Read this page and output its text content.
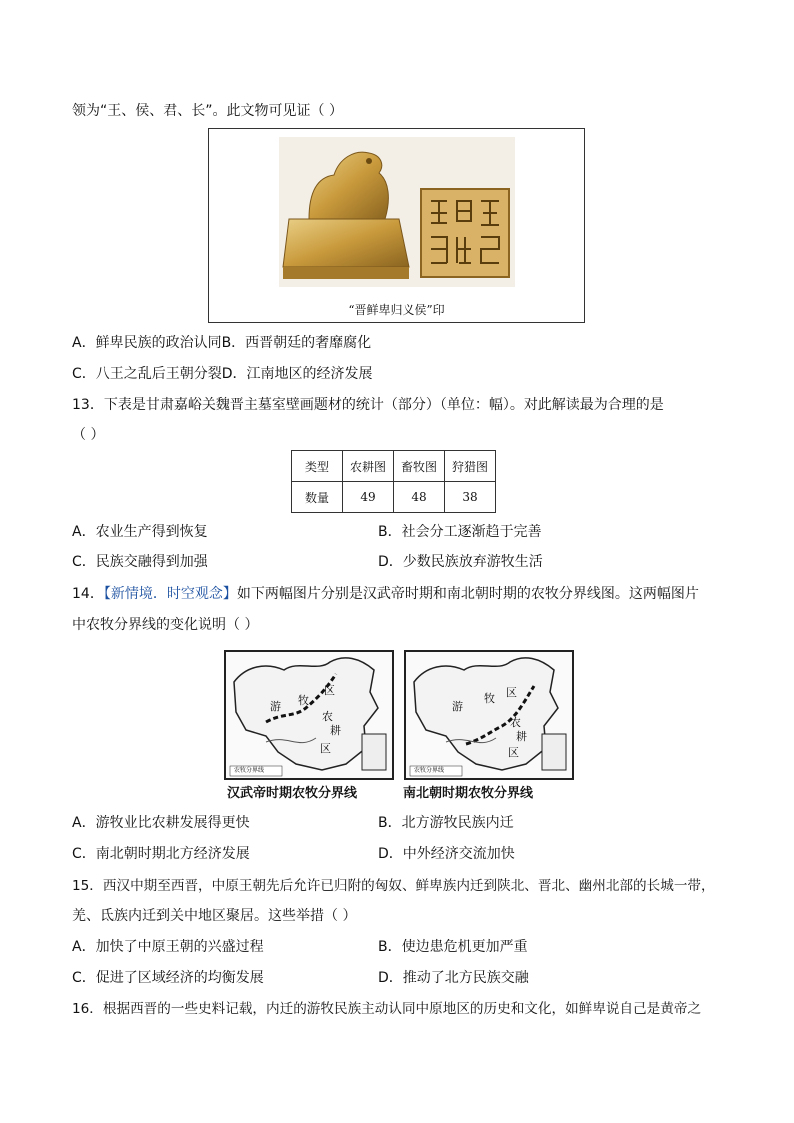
领为“王、侯、君、长”。此文物可见证（ ）
“晋鲜卑归义侯”印
A．鲜卑民族的政治认同B．西晋朝廷的奢靡腐化
C．八王之乱后王朝分裂D．江南地区的经济发展
13．下表是甘肃嘉峪关魏晋主墓室壁画题材的统计（部分）（单位：幅）。对此解读最为合理的是
（ ）
类型	农耕图	畜牧图	狩猎图
数量	49	48	38
A．农业生产得到恢复	B．社会分工逐渐趋于完善
C．民族交融得到加强	D．少数民族放弃游牧生活
14．【新情境．时空观念】如下两幅图片分别是汉武帝时期和南北朝时期的农牧分界线图。这两幅图片
中农牧分界线的变化说明（ ）
游 牧
区
农
耕
区
农牧分界线
汉武帝时期农牧分界线
游
牧 区
农
耕
区
农牧分界线
南北朝时期农牧分界线
A．游牧业比农耕发展得更快	B．北方游牧民族内迁
C．南北朝时期北方经济发展	D．中外经济交流加快
15．西汉中期至西晋，中原王朝先后允许已归附的匈奴、鲜卑族内迁到陕北、晋北、幽州北部的长城一带，
羌、氐族内迁到关中地区聚居。这些举措（ ）
A．加快了中原王朝的兴盛过程	B．使边患危机更加严重
C．促进了区域经济的均衡发展	D．推动了北方民族交融
16．根据西晋的一些史料记载，内迁的游牧民族主动认同中原地区的历史和文化，如鲜卑说自己是黄帝之
